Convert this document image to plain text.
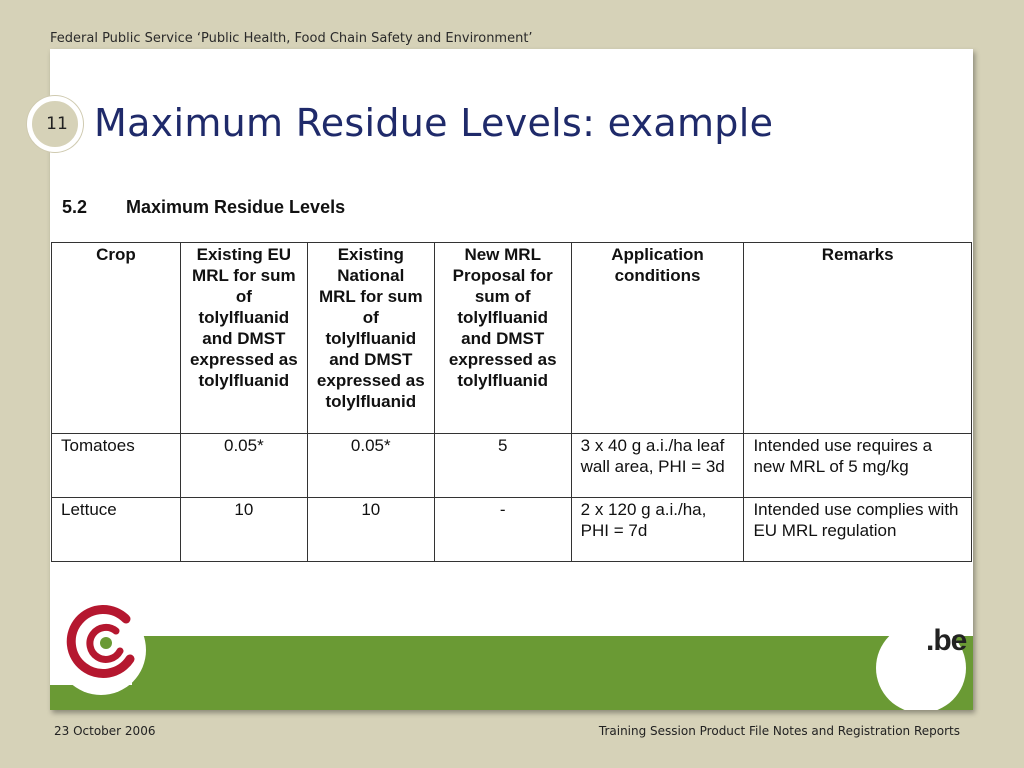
Federal Public Service ‘Public Health, Food Chain Safety and Environment’
11 Maximum Residue Levels: example
5.2 Maximum Residue Levels
Crop	Existing EU MRL for sum of tolylfluanid and DMST expressed as tolylfluanid	Existing National MRL for sum of tolylfluanid and DMST expressed as tolylfluanid	New MRL Proposal for sum of tolylfluanid and DMST expressed as tolylfluanid	Application conditions	Remarks
Tomatoes	0.05*	0.05*	5	3 x 40 g a.i./ha leaf wall area, PHI = 3d	Intended use requires a new MRL of 5 mg/kg
Lettuce	10	10	-	2 x 120 g a.i./ha, PHI = 7d	Intended use complies with EU MRL regulation
.be
23 October 2006	Training Session Product File Notes and Registration Reports
